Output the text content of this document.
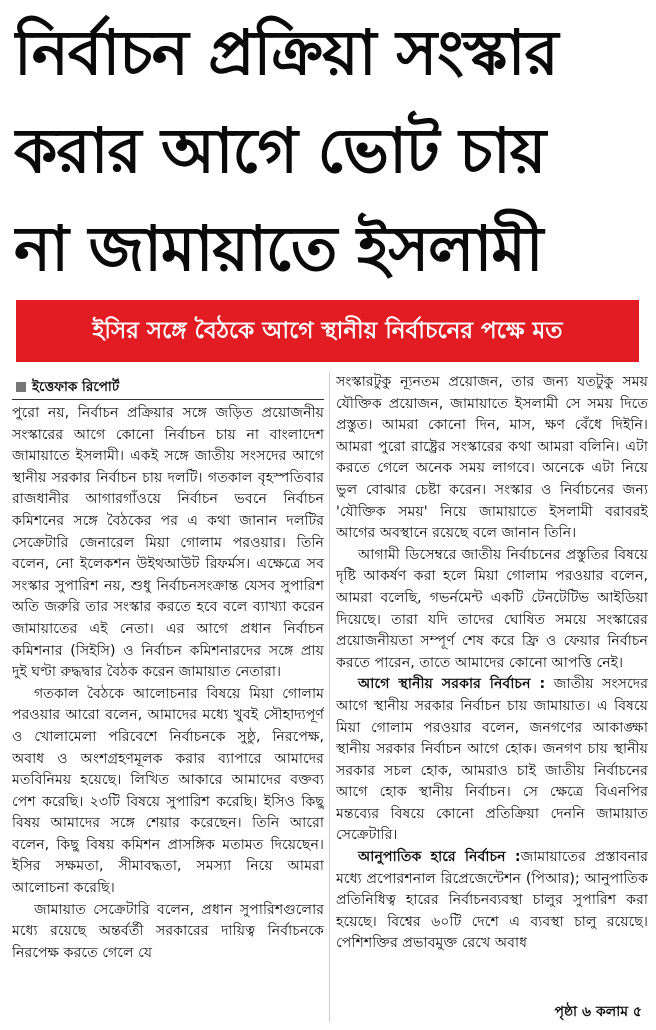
নির্বাচন প্রক্রিয়া সংস্কার
করার আগে ভোট চায়
না জামায়াতে ইসলামী
ইসির সঙ্গে বৈঠকে আগে স্থানীয় নির্বাচনের পক্ষে মত
ইত্তেফাক রিপোর্ট

পুরো নয়, নির্বাচন প্রক্রিয়ার সঙ্গে জড়িত প্রয়োজনীয় সংস্কারের আগে কোনো নির্বাচন চায় না বাংলাদেশ জামায়াতে ইসলামী। একই সঙ্গে জাতীয় সংসদের আগে স্থানীয় সরকার নির্বাচন চায় দলটি। গতকাল বৃহস্পতিবার রাজধানীর আগারগাঁওয়ে নির্বাচন ভবনে নির্বাচন কমিশনের সঙ্গে বৈঠকের পর এ কথা জানান দলটির সেক্রেটারি জেনারেল মিয়া গোলাম পরওয়ার। তিনি বলেন, নো ইলেকশন উইথআউট রিফর্মস। এক্ষেত্রে সব সংস্কার সুপারিশ নয়, শুধু নির্বাচনসংক্রান্ত যেসব সুপারিশ অতি জরুরি তার সংস্কার করতে হবে বলে ব্যাখ্যা করেন জামায়াতের এই নেতা। এর আগে প্রধান নির্বাচন কমিশনার (সিইসি) ও নির্বাচন কমিশনারদের সঙ্গে প্রায় দুই ঘণ্টা রুদ্ধদ্বার বৈঠক করেন জামায়াত নেতারা।

গতকাল বৈঠকে আলোচনার বিষয়ে মিয়া গোলাম পরওয়ার আরো বলেন, আমাদের মধ্যে খুবই সৌহাদ্যপূর্ণ ও খোলামেলা পরিবেশে নির্বাচনকে সুষ্ঠু, নিরপেক্ষ, অবাধ ও অংশগ্রহণমূলক করার ব্যাপারে আমাদের মতবিনিময় হয়েছে। লিখিত আকারে আমাদের বক্তব্য পেশ করেছি। ২৩টি বিষয়ে সুপারিশ করেছি। ইসিও কিছু বিষয় আমাদের সঙ্গে শেয়ার করেছেন। তিনি আরো বলেন, কিছু বিষয় কমিশন প্রাসঙ্গিক মতামত দিয়েছেন। ইসির সক্ষমতা, সীমাবদ্ধতা, সমস্যা নিয়ে আমরা আলোচনা করেছি।

জামায়াত সেক্রেটারি বলেন, প্রধান সুপারিশগুলোর মধ্যে রয়েছে অন্তর্বর্তী সরকারের দায়িত্ব নির্বাচনকে নিরপেক্ষ করতে গেলে যে

সংস্কারটুকু ন্যূনতম প্রয়োজন, তার জন্য যতটুকু সময় যৌক্তিক প্রয়োজন, জামায়াতে ইসলামী সে সময় দিতে প্রস্তুত। আমরা কোনো দিন, মাস, ক্ষণ বেঁধে দিইনি। আমরা পুরো রাষ্ট্রের সংস্কারের কথা আমরা বলিনি। এটা করতে গেলে অনেক সময় লাগবে। অনেকে এটা নিয়ে ভুল বোঝার চেষ্টা করেন। সংস্কার ও নির্বাচনের জন্য 'যৌক্তিক সময়' নিয়ে জামায়াতে ইসলামী বরাবরই আগের অবস্থানে রয়েছে বলে জানান তিনি।

আগামী ডিসেম্বরে জাতীয় নির্বাচনের প্রস্তুতির বিষয়ে দৃষ্টি আকর্ষণ করা হলে মিয়া গোলাম পরওয়ার বলেন, আমরা বলেছি, গভর্নমেন্ট একটি টেনটেটিভ আইডিয়া দিয়েছে। তারা যদি তাদের ঘোষিত সময়ে সংস্কারের প্রয়োজনীয়তা সম্পূর্ণ শেষ করে ফ্রি ও ফেয়ার নির্বাচন করতে পারেন, তাতে আমাদের কোনো আপত্তি নেই।

আগে স্থানীয় সরকার নির্বাচন : জাতীয় সংসদের আগে স্থানীয় সরকার নির্বাচন চায় জামায়াত। এ বিষয়ে মিয়া গোলাম পরওয়ার বলেন, জনগণের আকাঙ্ক্ষা স্থানীয় সরকার নির্বাচন আগে হোক। জনগণ চায় স্থানীয় সরকার সচল হোক, আমরাও চাই জাতীয় নির্বাচনের আগে হোক স্থানীয় নির্বাচন। সে ক্ষেত্রে বিএনপির মন্তব্যের বিষয়ে কোনো প্রতিক্রিয়া দেননি জামায়াত সেক্রেটারি।

আনুপাতিক হারে নির্বাচন :জামায়াতের প্রস্তাবনার মধ্যে প্রপোরশনাল রিপ্রেজেন্টেশন (পিআর); আনুপাতিক প্রতিনিধিত্ব হারের নির্বাচনব্যবস্থা চালুর সুপারিশ করা হয়েছে। বিশ্বের ৬০টি দেশে এ ব্যবস্থা চালু রয়েছে। পেশিশক্তির প্রভাবমুক্ত রেখে অবাধ

পৃষ্ঠা ৬ কলাম ৫
